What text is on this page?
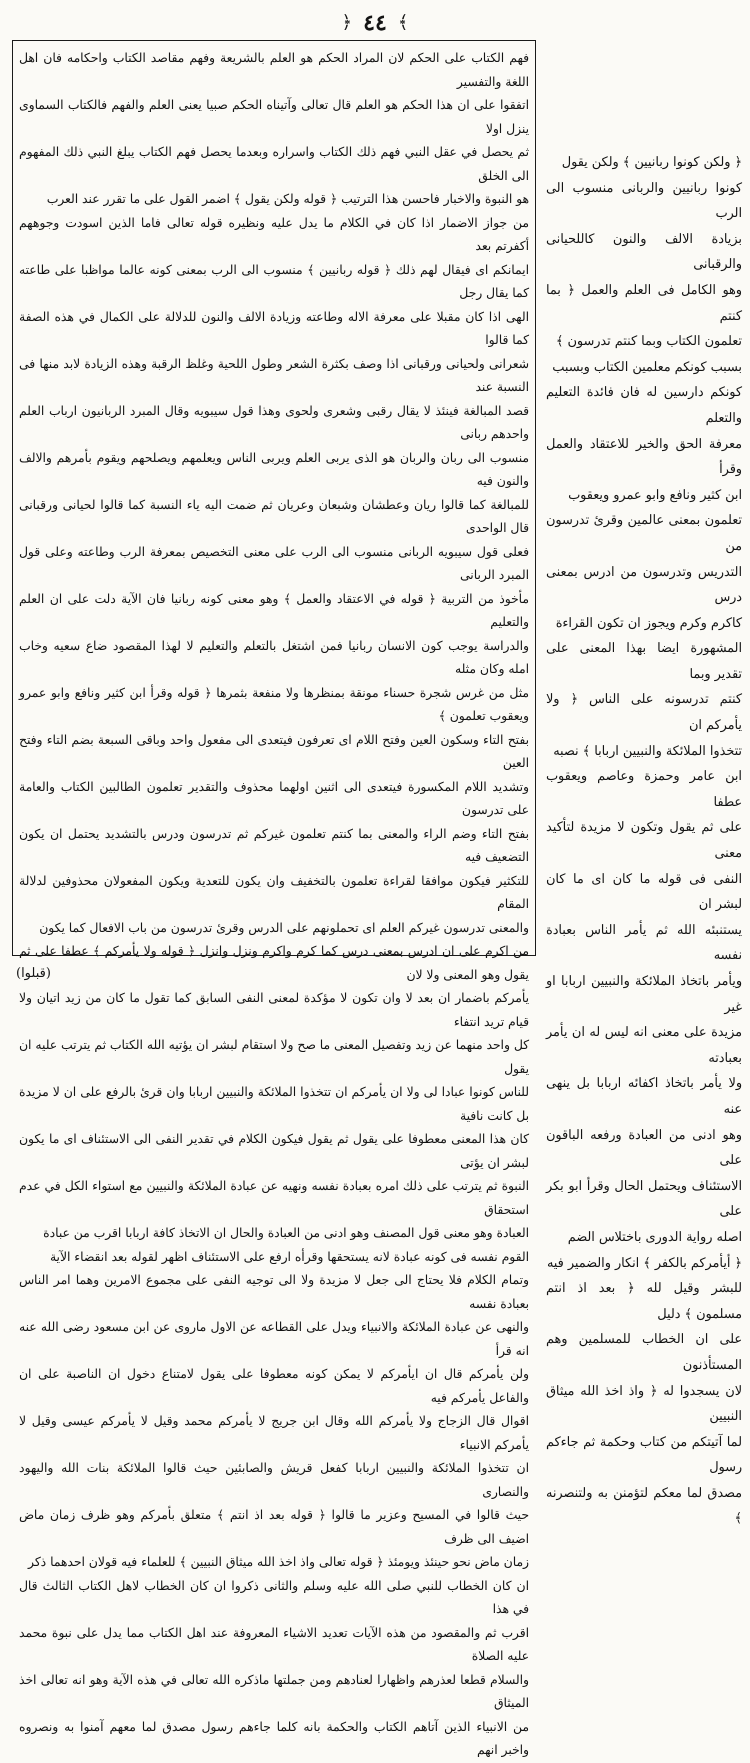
﴿ ٤٤ ﴾

فهم الكتاب على الحكم لان المراد الحكم هو العلم بالشريعة وفهم مقاصد الكتاب واحكامه فان اهل اللغة والتفسير

اتفقوا على ان هذا الحكم هو العلم قال تعالى وآتيناه الحكم صبيا يعنى العلم والفهم فالكتاب السماوى ينزل اولا

ثم يحصل في عقل النبي فهم ذلك الكتاب واسراره وبعدما يحصل فهم الكتاب يبلغ النبي ذلك المفهوم الى الخلق

هو النبوة والاخبار فاحسن هذا الترتيب ﴿ قوله ولكن يقول ﴾ اضمر القول على ما تقرر عند العرب

من جواز الاضمار اذا كان في الكلام ما يدل عليه ونظيره قوله تعالى فاما الذين اسودت وجوههم أكفرتم بعد

ايمانكم اى فيقال لهم ذلك ﴿ قوله ربانيين ﴾ منسوب الى الرب بمعنى كونه عالما مواظبا على طاعته كما يقال رجل

الهى اذا كان مقبلا على معرفة الاله وطاعته وزيادة الالف والنون للدلالة على الكمال في هذه الصفة كما قالوا

شعرانى ولحيانى ورقبانى اذا وصف بكثرة الشعر وطول اللحية وغلظ الرقبة وهذه الزيادة لابد منها فى النسبة عند

قصد المبالغة فينئذ لا يقال رقبى وشعرى ولحوى وهذا قول سيبويه وقال المبرد الربانيون ارباب العلم واحدهم ربانى

منسوب الى ربان والربان هو الذى يربى العلم ويربى الناس ويعلمهم ويصلحهم ويقوم بأمرهم والالف والنون فيه

للمبالغة كما قالوا ريان وعطشان وشبعان وعريان ثم ضمت اليه ياء النسبة كما قالوا لحيانى ورقبانى قال الواحدى

فعلى قول سيبويه الربانى منسوب الى الرب على معنى التخصيص بمعرفة الرب وطاعته وعلى قول المبرد الربانى

مأخوذ من التربية ﴿ قوله في الاعتقاد والعمل ﴾ وهو معنى كونه ربانيا فان الآية دلت على ان العلم والتعليم

والدراسة يوجب كون الانسان ربانيا فمن اشتغل بالتعلم والتعليم لا لهذا المقصود ضاع سعيه وخاب امله وكان مثله

مثل من غرس شجرة حسناء مونقة بمنظرها ولا منفعة بثمرها ﴿ قوله وقرأ ابن كثير ونافع وابو عمرو ويعقوب تعلمون ﴾

بفتح التاء وسكون العين وفتح اللام اى تعرفون فيتعدى الى مفعول واحد وباقى السبعة بضم التاء وفتح العين

وتشديد اللام المكسورة فيتعدى الى اثنين اولهما محذوف والتقدير تعلمون الطالبين الكتاب والعامة على تدرسون

بفتح التاء وضم الراء والمعنى بما كنتم تعلمون غيركم ثم تدرسون ودرس بالتشديد يحتمل ان يكون التضعيف فيه

للتكثير فيكون موافقا لقراءة تعلمون بالتخفيف وان يكون للتعدية ويكون المفعولان محذوفين لدلالة المقام

والمعنى تدرسون غيركم العلم اى تحملونهم على الدرس وقرئ تدرسون من باب الافعال كما يكون

من اكرم على ان ادرس بمعنى درس كما كرم واكرم ونزل وانزل ﴿ قوله ولا يأمركم ﴾ عطفا على ثم يقول وهو المعنى ولا لان

يأمركم باضمار ان بعد لا وان تكون لا مؤكدة لمعنى النفى السابق كما تقول ما كان من زيد اتيان ولا قيام تريد انتفاء

كل واحد منهما عن زيد وتفصيل المعنى ما صح ولا استقام لبشر ان يؤتيه الله الكتاب ثم يترتب عليه ان يقول

للناس كونوا عبادا لى ولا ان يأمركم ان تتخذوا الملائكة والنبيين اربابا وان قرئ بالرفع على ان لا مزيدة بل كانت نافية

كان هذا المعنى معطوفا على يقول ثم يقول فيكون الكلام في تقدير النفى الى الاستئناف اى ما يكون لبشر ان يؤتى

النبوة ثم يترتب على ذلك امره بعبادة نفسه ونهيه عن عبادة الملائكة والنبيين مع استواء الكل في عدم استحقاق

العبادة وهو معنى قول المصنف وهو ادنى من العبادة والحال ان الاتخاذ كافة اربابا اقرب من عبادة

القوم نفسه فى كونه عبادة لانه يستحقها وقرأه ارفع على الاستئناف اظهر لقوله بعد انقضاء الآية

وتمام الكلام فلا يحتاج الى جعل لا مزيدة ولا الى توجيه النفى على مجموع الامرين وهما امر الناس بعبادة نفسه

والنهى عن عبادة الملائكة والانبياء ويدل على القطاعه عن الاول ماروى عن ابن مسعود رضى الله عنه انه قرأ

ولن يأمركم قال ان ايأمركم لا يمكن كونه معطوفا على يقول لامتناع دخول ان الناصبة على ان والفاعل يأمركم فيه

اقوال قال الزجاج ولا يأمركم الله وقال ابن جريج لا يأمركم محمد وقيل لا يأمركم عيسى وقيل لا يأمركم الانبياء

ان تتخذوا الملائكة والنبيين اربابا كفعل قريش والصابئين حيث قالوا الملائكة بنات الله واليهود والنصارى

حيث قالوا في المسيح وعزير ما قالوا ﴿ قوله بعد اذ انتم ﴾ متعلق بأمركم وهو ظرف زمان ماض اضيف الى ظرف

زمان ماض نحو حينئذ ويومئذ ﴿ قوله تعالى واذ اخذ الله ميثاق النبيين ﴾ للعلماء فيه قولان احدهما ذكر

ان كان الخطاب للنبي صلى الله عليه وسلم والثانى ذكروا ان كان الخطاب لاهل الكتاب الثالث قال في هذا

اقرب ثم والمقصود من هذه الآيات تعديد الاشياء المعروفة عند اهل الكتاب مما يدل على نبوة محمد عليه الصلاة

والسلام قطعا لعذرهم واظهارا لعنادهم ومن جملتها ماذكره الله تعالى في هذه الآية وهو انه تعالى اخذ الميثاق

من الانبياء الذين آتاهم الكتاب والحكمة بانه كلما جاءهم رسول مصدق لما معهم آمنوا به ونصروه واخبر انهم

﴿ ولكن كونوا ربانيين ﴾ ولكن يقول

كونوا ربانيين والربانى منسوب الى الرب

بزيادة الالف والنون كاللحيانى والرقبانى

وهو الكامل فى العلم والعمل ﴿ بما كنتم

تعلمون الكتاب وبما كنتم تدرسون ﴾

بسبب كونكم معلمين الكتاب وبسبب

كونكم دارسين له فان فائدة التعليم والتعلم

معرفة الحق والخير للاعتقاد والعمل وقرأ

ابن كثير ونافع وابو عمرو ويعقوب

تعلمون بمعنى عالمين وقرئ تدرسون من

التدريس وتدرسون من ادرس بمعنى درس

كاكرم وكرم ويجوز ان تكون القراءة

المشهورة ايضا بهذا المعنى على تقدير وبما

كنتم تدرسونه على الناس ﴿ ولا يأمركم ان

تتخذوا الملائكة والنبيين اربابا ﴾ نصبه

ابن عامر وحمزة وعاصم ويعقوب عطفا

على ثم يقول وتكون لا مزيدة لتأكيد معنى

النفى فى قوله ما كان اى ما كان لبشر ان

يستنبئه الله ثم يأمر الناس بعبادة نفسه

ويأمر باتخاذ الملائكة والنبيين اربابا او غير

مزيدة على معنى انه ليس له ان يأمر بعبادته

ولا يأمر باتخاذ اكفائه اربابا بل ينهى عنه

وهو ادنى من العبادة ورفعه الباقون على

الاستئناف ويحتمل الحال وقرأ ابو بكر على

اصله رواية الدورى باختلاس الضم

﴿ أيأمركم بالكفر ﴾ انكار والضمير فيه

للبشر وقيل لله ﴿ بعد اذ انتم مسلمون ﴾ دليل

على ان الخطاب للمسلمين وهم المستأذنون

لان يسجدوا له ﴿ واذ اخذ الله ميثاق النبيين

لما آتيتكم من كتاب وحكمة ثم جاءكم رسول

مصدق لما معكم لتؤمنن به ولتنصرنه ﴾

(قبلوا)
